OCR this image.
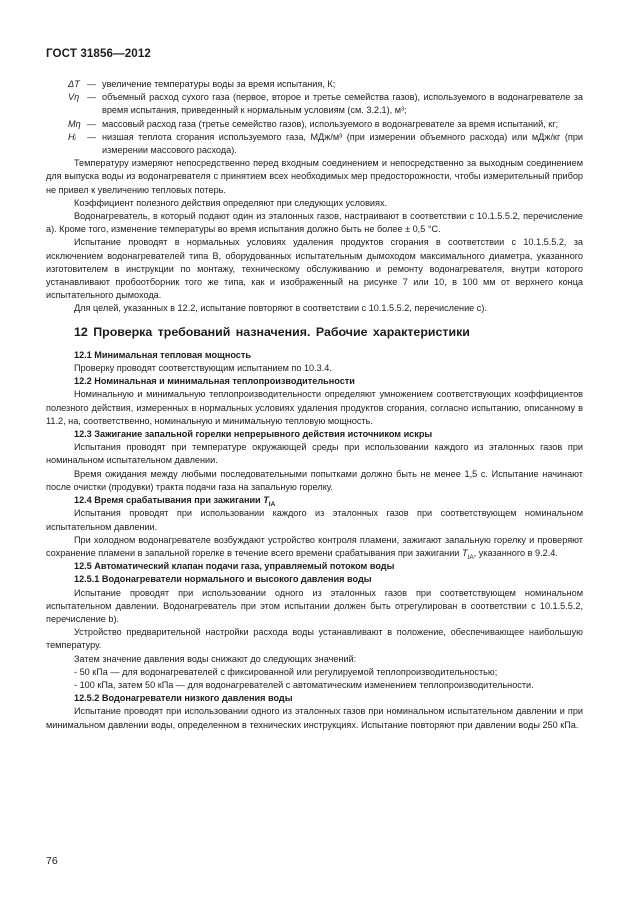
ГОСТ 31856—2012
ΔT — увеличение температуры воды за время испытания, К;
Vη — объемный расход сухого газа (первое, второе и третье семейства газов), используемого в водонагревателе за время испытания, приведенный к нормальным условиям (см. 3.2.1), м³;
Mη — массовый расход газа (третье семейство газов), используемого в водонагревателе за время испытаний, кг;
Hᵢ — низшая теплота сгорания используемого газа, МДж/м³ (при измерении объемного расхода) или мДж/кг (при измерении массового расхода).

Температуру измеряют непосредственно перед входным соединением и непосредственно за выходным соединением для выпуска воды из водонагревателя с принятием всех необходимых мер предосторожности, чтобы измерительный прибор не привел к увеличению тепловых потерь.

Коэффициент полезного действия определяют при следующих условиях.

Водонагреватель, в который подают один из эталонных газов, настраивают в соответствии с 10.1.5.5.2, перечисление a). Кроме того, изменение температуры во время испытания должно быть не более ± 0,5 °С.

Испытание проводят в нормальных условиях удаления продуктов сгорания в соответствии с 10.1.5.5.2, за исключением водонагревателей типа В, оборудованных испытательным дымоходом максимального диаметра, указанного изготовителем в инструкции по монтажу, техническому обслуживанию и ремонту водонагревателя, внутри которого устанавливают пробоотборник того же типа, как и изображенный на рисунке 7 или 10, в 100 мм от верхнего конца испытательного дымохода.

Для целей, указанных в 12.2, испытание повторяют в соответствии с 10.1.5.5.2, перечисление с).

12 Проверка требований назначения. Рабочие характеристики
12.1 Минимальная тепловая мощность

Проверку проводят соответствующим испытанием по 10.3.4.

12.2 Номинальная и минимальная теплопроизводительности

Номинальную и минимальную теплопроизводительности определяют умножением соответствующих коэффициентов полезного действия, измеренных в нормальных условиях удаления продуктов сгорания, согласно испытанию, описанному в 11.2, на, соответственно, номинальную и минимальную тепловую мощность.

12.3 Зажигание запальной горелки непрерывного действия источником искры

Испытания проводят при температуре окружающей среды при использовании каждого из эталонных газов при номинальном испытательном давлении.

Время ожидания между любыми последовательными попытками должно быть не менее 1,5 с. Испытание начинают после очистки (продувки) тракта подачи газа на запальную горелку.

12.4 Время срабатывания при зажигании $T_{IA}$

Испытания проводят при использовании каждого из эталонных газов при соответствующем номинальном испытательном давлении.

При холодном водонагревателе возбуждают устройство контроля пламени, зажигают запальную горелку и проверяют сохранение пламени в запальной горелке в течение всего времени срабатывания при зажигании $T_{IA}$, указанного в 9.2.4.

12.5 Автоматический клапан подачи газа, управляемый потоком воды
12.5.1 Водонагреватели нормального и высокого давления воды

Испытание проводят при использовании одного из эталонных газов при соответствующем номинальном испытательном давлении. Водонагреватель при этом испытании должен быть отрегулирован в соответствии с 10.1.5.5.2, перечисление b).

Устройство предварительной настройки расхода воды устанавливают в положение, обеспечивающее наибольшую температуру.

Затем значение давления воды снижают до следующих значений:

- 50 кПа — для водонагревателей с фиксированной или регулируемой теплопроизводительностью;

- 100 кПа, затем 50 кПа — для водонагревателей с автоматическим изменением теплопроизводительности.

12.5.2 Водонагреватели низкого давления воды

Испытание проводят при использовании одного из эталонных газов при номинальном испытательном давлении и при минимальном давлении воды, определенном в технических инструкциях. Испытание повторяют при давлении воды 250 кПа.

76
